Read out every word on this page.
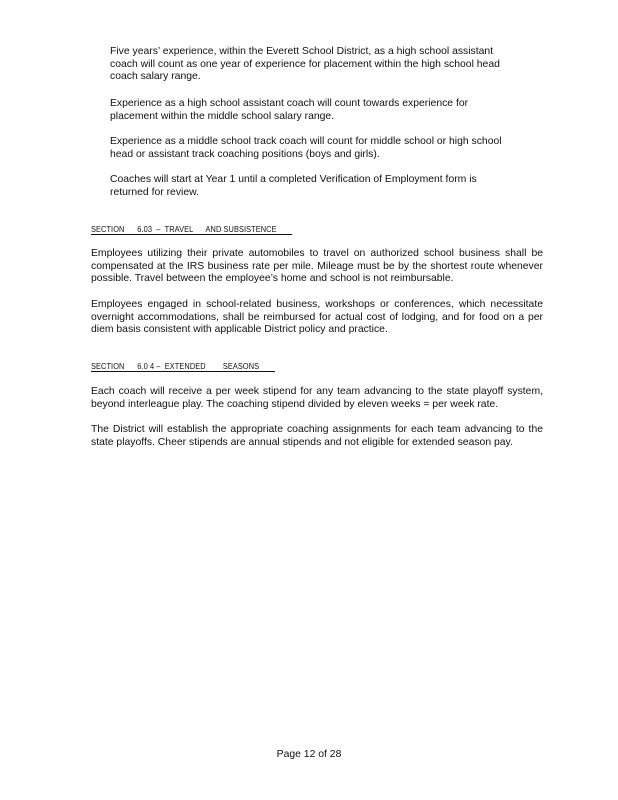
Five years’ experience, within the Everett School District, as a high school assistant
coach will count as one year of experience for placement within the high school head
coach salary range.
Experience as a high school assistant coach will count towards experience for
placement within the middle school salary range.
Experience as a middle school track coach will count for middle school or high school
head or assistant track coaching positions (boys and girls).
Coaches will start at Year 1 until a completed Verification of Employment form is
returned for review.
SECTION      6.03  –  TRAVEL      AND SUBSISTENCE

Employees utilizing their private automobiles to travel on authorized school business shall be compensated at the IRS business rate per mile. Mileage must be by the shortest route whenever possible. Travel between the employee’s home and school is not reimbursable.

Employees engaged in school-related business, workshops or conferences, which necessitate overnight accommodations, shall be reimbursed for actual cost of lodging, and for food on a per diem basis consistent with applicable District policy and practice.

SECTION      6.0 4 –  EXTENDED        SEASONS

Each coach will receive a per week stipend for any team advancing to the state playoff system, beyond interleague play. The coaching stipend divided by eleven weeks = per week rate.

The District will establish the appropriate coaching assignments for each team advancing to the state playoffs. Cheer stipends are annual stipends and not eligible for extended season pay.

Page 12 of 28
